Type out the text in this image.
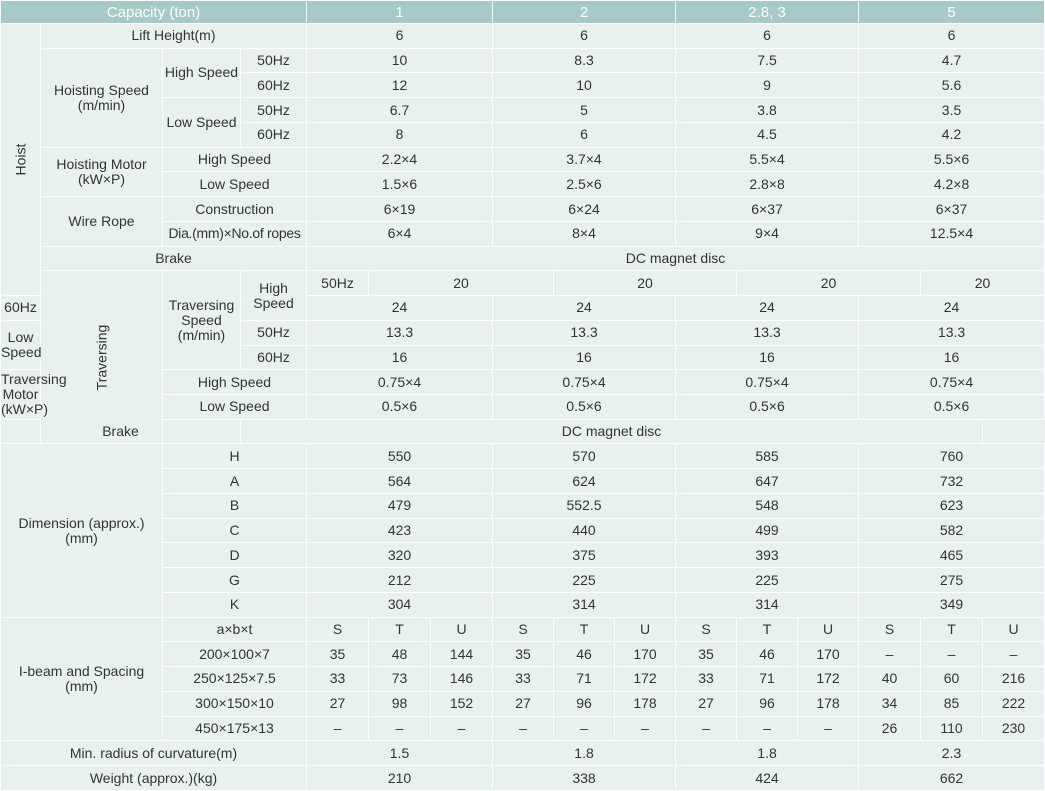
Capacity (ton)				1			2			2.8, 3			5		
Hoist	Lift Height(m)			6			6			6			6		
	Hoisting Speed (m/min)	High Speed	50Hz	10			8.3			7.5			4.7		
			60Hz	12			10			9			5.6		
		Low Speed	50Hz	6.7			5			3.8			3.5		
			60Hz	8			6			4.5			4.2		
	Hoisting Motor (kW×P)	High Speed		2.2×4			3.7×4			5.5×4			5.5×6		
		Low Speed		1.5×6			2.5×6			2.8×8			4.2×8		
	Wire Rope	Construction		6×19			6×24			6×37			6×37		
		Dia.(mm)×No.of ropes		6×4			8×4			9×4			12.5×4		
	Brake			DC magnet disc											
	Traversing	Traversing Speed (m/min)	High Speed	50Hz	20			20			20			20	
60Hz				24			24			24			24		
Low Speed			50Hz	13.3			13.3			13.3			13.3		
			60Hz	16			16			16			16		
Traversing Motor (kW×P)		High Speed		0.75×4			0.75×4			0.75×4			0.75×4		
		Low Speed		0.5×6			0.5×6			0.5×6			0.5×6		
Brake			DC magnet disc												
Dimension (approx.) (mm)		H		550			570			585			760		
		A		564			624			647			732		
		B		479			552.5			548			623		
		C		423			440			499			582		
		D		320			375			393			465		
		G		212			225			225			275		
		K		304			314			314			349		
I-beam and Spacing (mm)		a×b×t		S	T	U	S	T	U	S	T	U	S	T	U
		200×100×7		35	48	144	35	46	170	35	46	170	–	–	–
		250×125×7.5		33	73	146	33	71	172	33	71	172	40	60	216
		300×150×10		27	98	152	27	96	178	27	96	178	34	85	222
		450×175×13		–	–	–	–	–	–	–	–	–	26	110	230
Min. radius of curvature(m)				1.5			1.8			1.8			2.3		
Weight (approx.)(kg)				210			338			424			662		
